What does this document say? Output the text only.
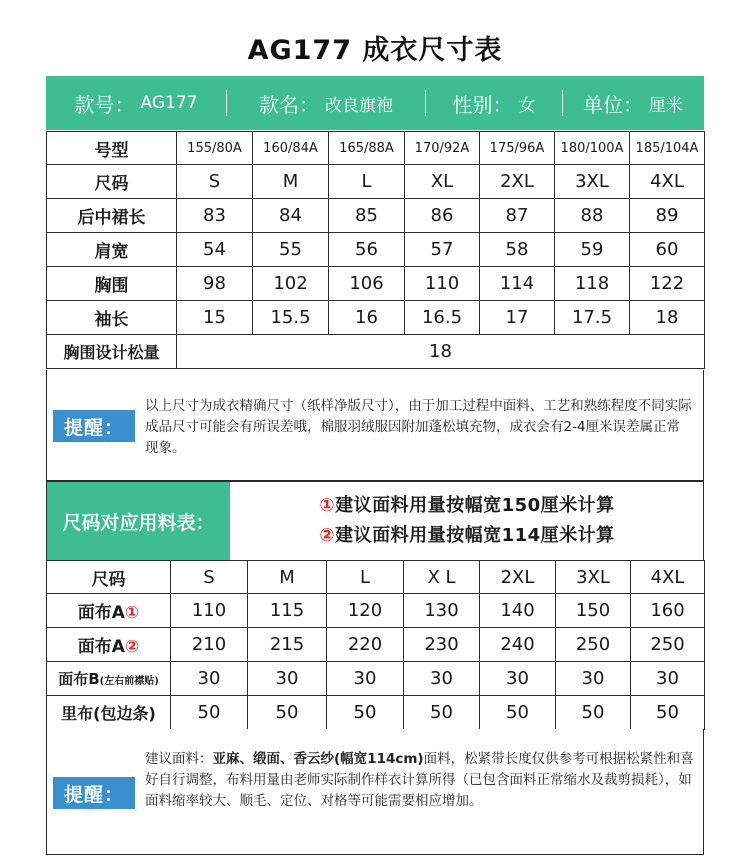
AG177 成衣尺寸表
款号： AG177	款名： 改良旗袍	性别： 女 单位： 厘米
号型	155/80A	160/84A	165/88A	170/92A	175/96A	180/100A	185/104A
尺码	S	M	L	XL	2XL	3XL	4XL
后中裙长	83	84	85	86	87	88	89
肩宽	54	55	56	57	58	59	60
胸围	98	102	106	110	114	118	122
袖长	15	15.5	16	16.5	17	17.5	18
胸围设计松量	18						
提醒：
以上尺寸为成衣精确尺寸（纸样净版尺寸），由于加工过程中面料、工艺和熟练程度不同实际成品尺寸可能会有所误差哦，棉服羽绒服因附加蓬松填充物，成衣会有2-4厘米误差属正常现象。
尺码对应用料表：
①建议面料用量按幅宽150厘米计算
②建议面料用量按幅宽114厘米计算
尺码	S	M	L	X L	2XL	3XL	4XL
面布A①	110	115	120	130	140	150	160
面布A②	210	215	220	230	240	250	250
面布B(左右前襟贴)	30	30	30	30	30	30	30
里布(包边条)	50	50	50	50	50	50	50
提醒：
建议面料：亚麻、缎面、香云纱(幅宽114cm)面料，松紧带长度仅供参考可根据松紧性和喜好自行调整，布料用量由老师实际制作样衣计算所得（已包含面料正常缩水及裁剪损耗），如面料缩率较大、顺毛、定位、对格等可能需要相应增加。
